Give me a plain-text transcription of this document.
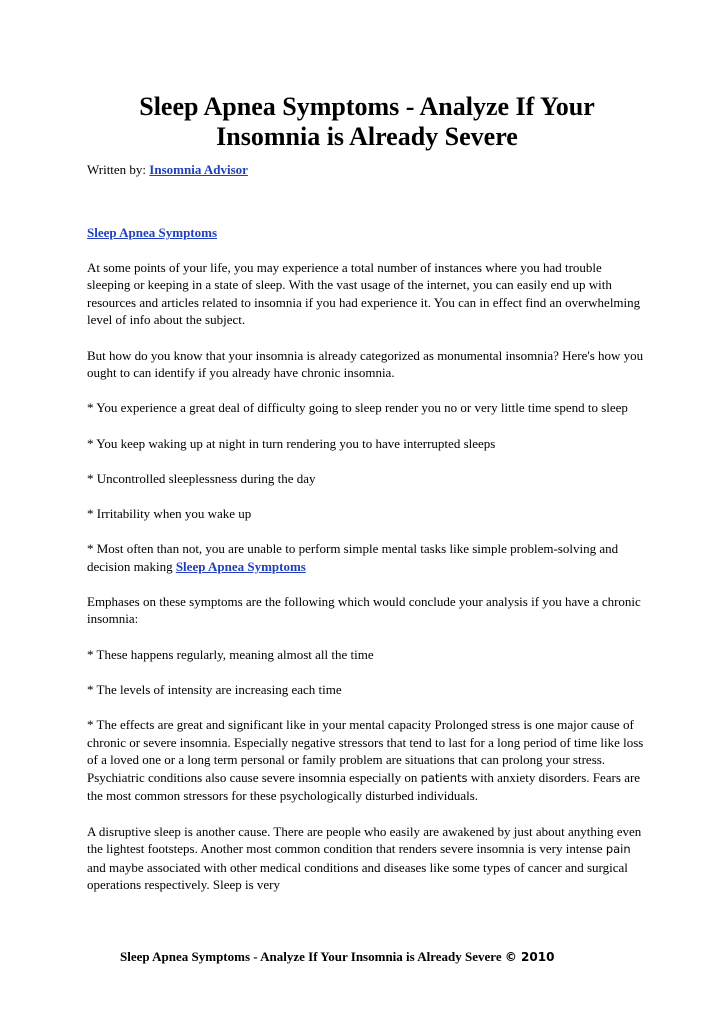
Sleep Apnea Symptoms - Analyze If Your Insomnia is Already Severe
Written by: Insomnia Advisor
Sleep Apnea Symptoms

At some points of your life, you may experience a total number of instances where you had trouble sleeping or keeping in a state of sleep. With the vast usage of the internet, you can easily end up with resources and articles related to insomnia if you had experience it. You can in effect find an overwhelming level of info about the subject.

But how do you know that your insomnia is already categorized as monumental insomnia? Here's how you ought to can identify if you already have chronic insomnia.

* You experience a great deal of difficulty going to sleep render you no or very little time spend to sleep

* You keep waking up at night in turn rendering you to have interrupted sleeps

* Uncontrolled sleeplessness during the day

* Irritability when you wake up

* Most often than not, you are unable to perform simple mental tasks like simple problem-solving and decision making Sleep Apnea Symptoms

Emphases on these symptoms are the following which would conclude your analysis if you have a chronic insomnia:

* These happens regularly, meaning almost all the time

* The levels of intensity are increasing each time

* The effects are great and significant like in your mental capacity Prolonged stress is one major cause of chronic or severe insomnia. Especially negative stressors that tend to last for a long period of time like loss of a loved one or a long term personal or family problem are situations that can prolong your stress. Psychiatric conditions also cause severe insomnia especially on patients with anxiety disorders. Fears are the most common stressors for these psychologically disturbed individuals.

A disruptive sleep is another cause. There are people who easily are awakened by just about anything even the lightest footsteps. Another most common condition that renders severe insomnia is very intense pain and maybe associated with other medical conditions and diseases like some types of cancer and surgical operations respectively. Sleep is very

Sleep Apnea Symptoms - Analyze If Your Insomnia is Already Severe © 2010
